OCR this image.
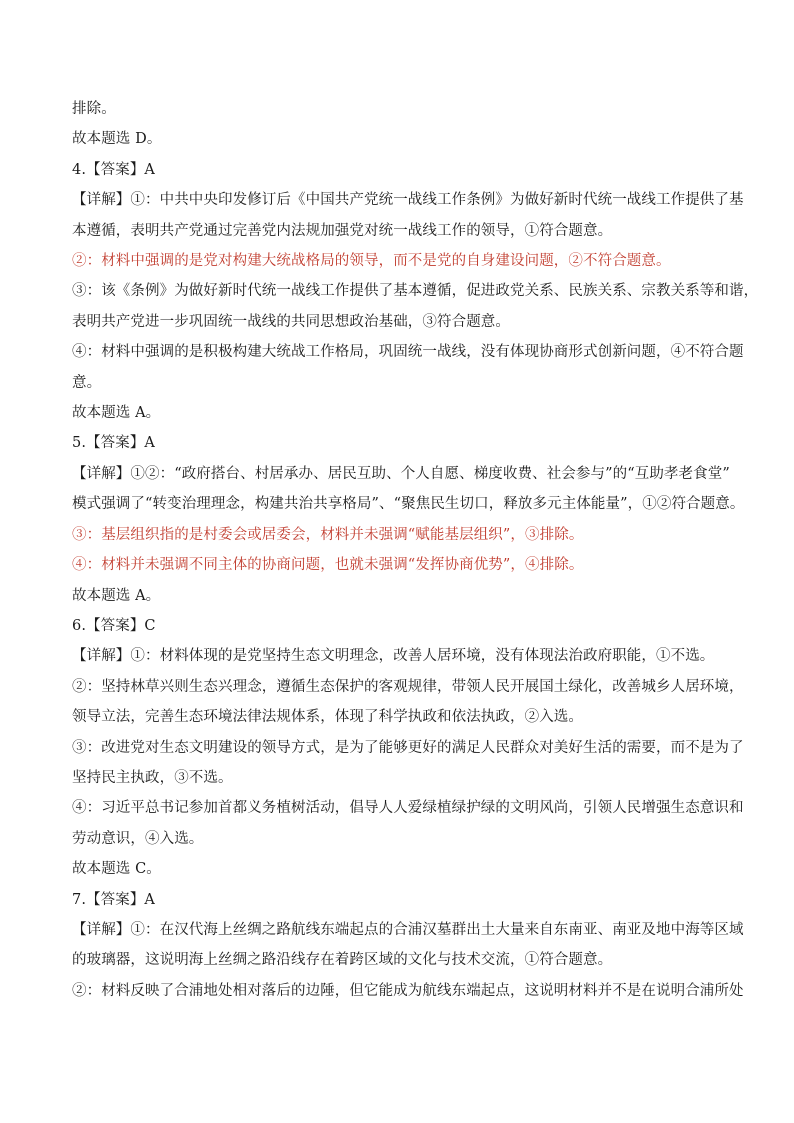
排除。
故本题选 D。
4.【答案】A
【详解】①：中共中央印发修订后《中国共产党统一战线工作条例》为做好新时代统一战线工作提供了基
本遵循，表明共产党通过完善党内法规加强党对统一战线工作的领导，①符合题意。
②：材料中强调的是党对构建大统战格局的领导，而不是党的自身建设问题，②不符合题意。
③：该《条例》为做好新时代统一战线工作提供了基本遵循，促进政党关系、民族关系、宗教关系等和谐，
表明共产党进一步巩固统一战线的共同思想政治基础，③符合题意。
④：材料中强调的是积极构建大统战工作格局，巩固统一战线，没有体现协商形式创新问题，④不符合题
意。
故本题选 A。
5.【答案】A
【详解】①②：“政府搭台、村居承办、居民互助、个人自愿、梯度收费、社会参与”的“互助孝老食堂”
模式强调了“转变治理理念，构建共治共享格局”、“聚焦民生切口，释放多元主体能量”，①②符合题意。
③：基层组织指的是村委会或居委会，材料并未强调“赋能基层组织”，③排除。
④：材料并未强调不同主体的协商问题，也就未强调“发挥协商优势”，④排除。
故本题选 A。
6.【答案】C
【详解】①：材料体现的是党坚持生态文明理念，改善人居环境，没有体现法治政府职能，①不选。
②：坚持林草兴则生态兴理念，遵循生态保护的客观规律，带领人民开展国土绿化，改善城乡人居环境，
领导立法，完善生态环境法律法规体系，体现了科学执政和依法执政，②入选。
③：改进党对生态文明建设的领导方式，是为了能够更好的满足人民群众对美好生活的需要，而不是为了
坚持民主执政，③不选。
④：习近平总书记参加首都义务植树活动，倡导人人爱绿植绿护绿的文明风尚，引领人民增强生态意识和
劳动意识，④入选。
故本题选 C。
7.【答案】A
【详解】①：在汉代海上丝绸之路航线东端起点的合浦汉墓群出土大量来自东南亚、南亚及地中海等区域
的玻璃器，这说明海上丝绸之路沿线存在着跨区域的文化与技术交流，①符合题意。
②：材料反映了合浦地处相对落后的边陲，但它能成为航线东端起点，这说明材料并不是在说明合浦所处
